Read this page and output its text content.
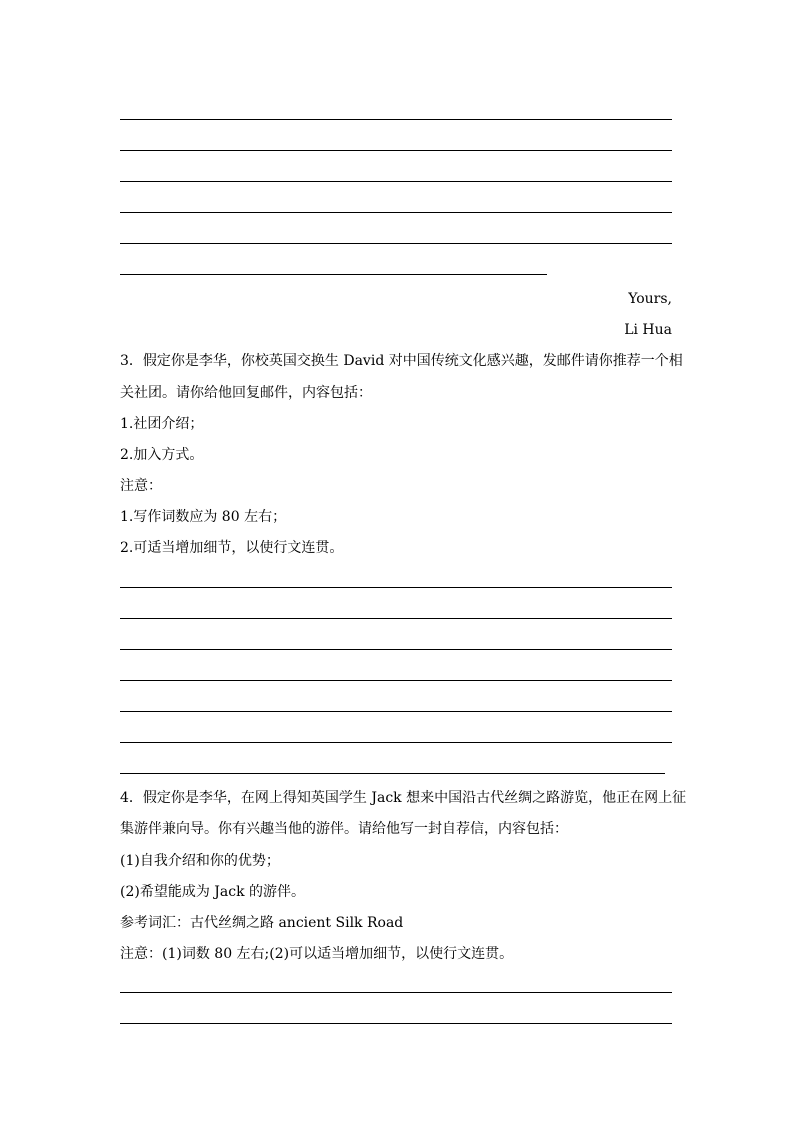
Yours,
Li Hua
3．假定你是李华，你校英国交换生 David 对中国传统文化感兴趣，发邮件请你推荐一个相
关社团。请你给他回复邮件，内容包括：
1.社团介绍；
2.加入方式。
注意：
1.写作词数应为 80 左右；
2.可适当增加细节，以使行文连贯。
4．假定你是李华，在网上得知英国学生 Jack 想来中国沿古代丝绸之路游览，他正在网上征
集游伴兼向导。你有兴趣当他的游伴。请给他写一封自荐信，内容包括：
(1)自我介绍和你的优势；
(2)希望能成为 Jack 的游伴。
参考词汇：古代丝绸之路 ancient Silk Road
注意：(1)词数 80 左右;(2)可以适当增加细节，以使行文连贯。
